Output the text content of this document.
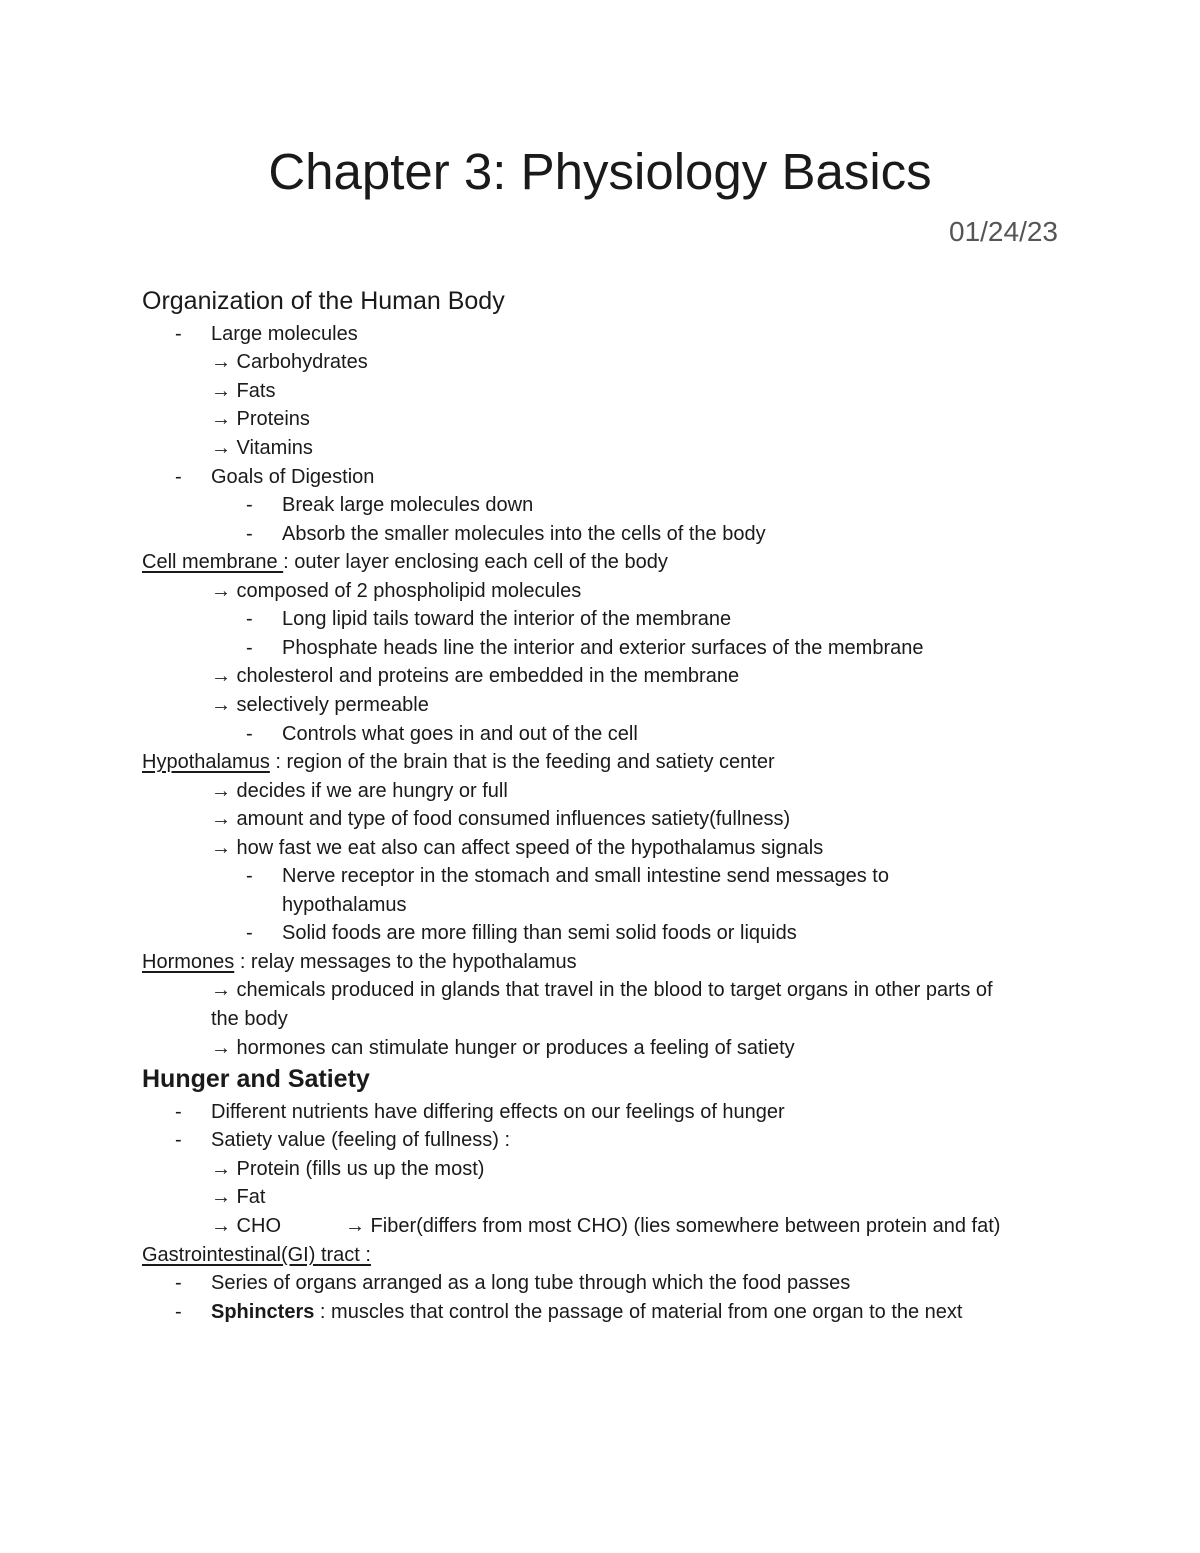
Chapter 3: Physiology Basics
01/24/23
Organization of the Human Body
- Large molecules
→ Carbohydrates
→ Fats
→ Proteins
→ Vitamins
- Goals of Digestion
- Break large molecules down
- Absorb the smaller molecules into the cells of the body
Cell membrane : outer layer enclosing each cell of the body
→ composed of 2 phospholipid molecules
- Long lipid tails toward the interior of the membrane
- Phosphate heads line the interior and exterior surfaces of the membrane
→ cholesterol and proteins are embedded in the membrane
→ selectively permeable
- Controls what goes in and out of the cell
Hypothalamus : region of the brain that is the feeding and satiety center
→ decides if we are hungry or full
→ amount and type of food consumed influences satiety(fullness)
→ how fast we eat also can affect speed of the hypothalamus signals
- Nerve receptor in the stomach and small intestine send messages to
hypothalamus
- Solid foods are more filling than semi solid foods or liquids
Hormones : relay messages to the hypothalamus
→ chemicals produced in glands that travel in the blood to target organs in other parts of
the body
→ hormones can stimulate hunger or produces a feeling of satiety
Hunger and Satiety
- Different nutrients have differing effects on our feelings of hunger
- Satiety value (feeling of fullness) :
→ Protein (fills us up the most)
→ Fat
→ CHO	→ Fiber(differs from most CHO) (lies somewhere between protein and fat)
Gastrointestinal(GI) tract :
- Series of organs arranged as a long tube through which the food passes
- Sphincters : muscles that control the passage of material from one organ to the next
